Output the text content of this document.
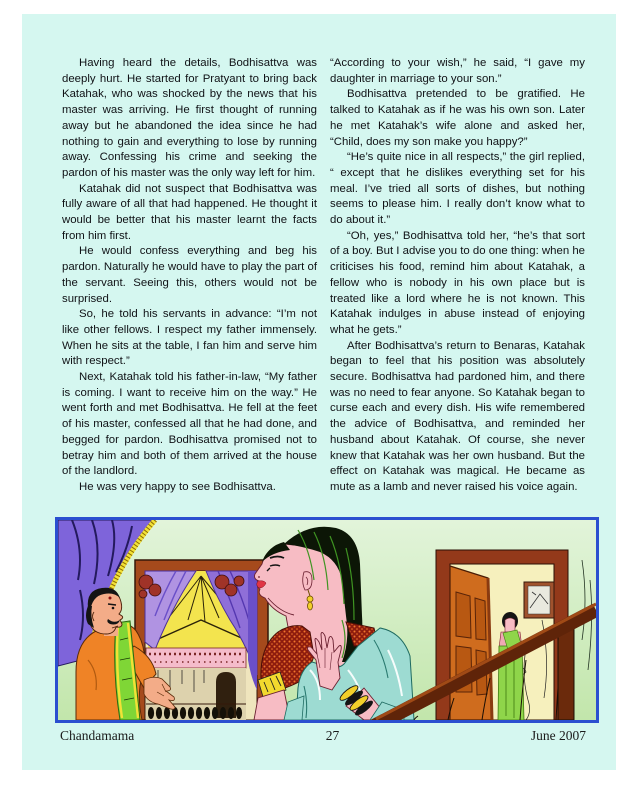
Having heard the details, Bodhisattva was deeply hurt. He started for Pratyant to bring back Katahak, who was shocked by the news that his master was arriving. He first thought of running away but he abandoned the idea since he had nothing to gain and everything to lose by running away. Confessing his crime and seeking the pardon of his master was the only way left for him.

Katahak did not suspect that Bodhisattva was fully aware of all that had happened. He thought it would be better that his master learnt the facts from him first.

He would confess everything and beg his pardon. Naturally he would have to play the part of the servant. Seeing this, others would not be surprised.

So, he told his servants in advance: “I’m not like other fellows. I respect my father immensely. When he sits at the table, I fan him and serve him with respect.”

Next, Katahak told his father-in-law, “My father is coming. I want to receive him on the way.” He went forth and met Bodhisattva. He fell at the feet of his master, confessed all that he had done, and begged for pardon. Bodhisattva promised not to betray him and both of them arrived at the house of the landlord.

He was very happy to see Bodhisattva.

“According to your wish,” he said, “I gave my daughter in marriage to your son.”

Bodhisattva pretended to be gratified. He talked to Katahak as if he was his own son. Later he met Katahak’s wife alone and asked her, “Child, does my son make you happy?”

“He’s quite nice in all respects,” the girl replied, “ except that he dislikes everything set for his meal. I’ve tried all sorts of dishes, but nothing seems to please him. I really don’t know what to do about it.”

“Oh, yes,” Bodhisattva told her, “he’s that sort of a boy. But I advise you to do one thing: when he criticises his food, remind him about Katahak, a fellow who is nobody in his own place but is treated like a lord where he is not known. This Katahak indulges in abuse instead of enjoying what he gets.”

After Bodhisattva’s return to Benaras, Katahak began to feel that his position was absolutely secure. Bodhisattva had pardoned him, and there was no need to fear anyone. So Katahak began to curse each and every dish. His wife remembered the advice of Bodhisattva, and reminded her husband about Katahak. Of course, she never knew that Katahak was her own husband. But the effect on Katahak was magical. He became as mute as a lamb and never raised his voice again.

Chandamama	27	June 2007
